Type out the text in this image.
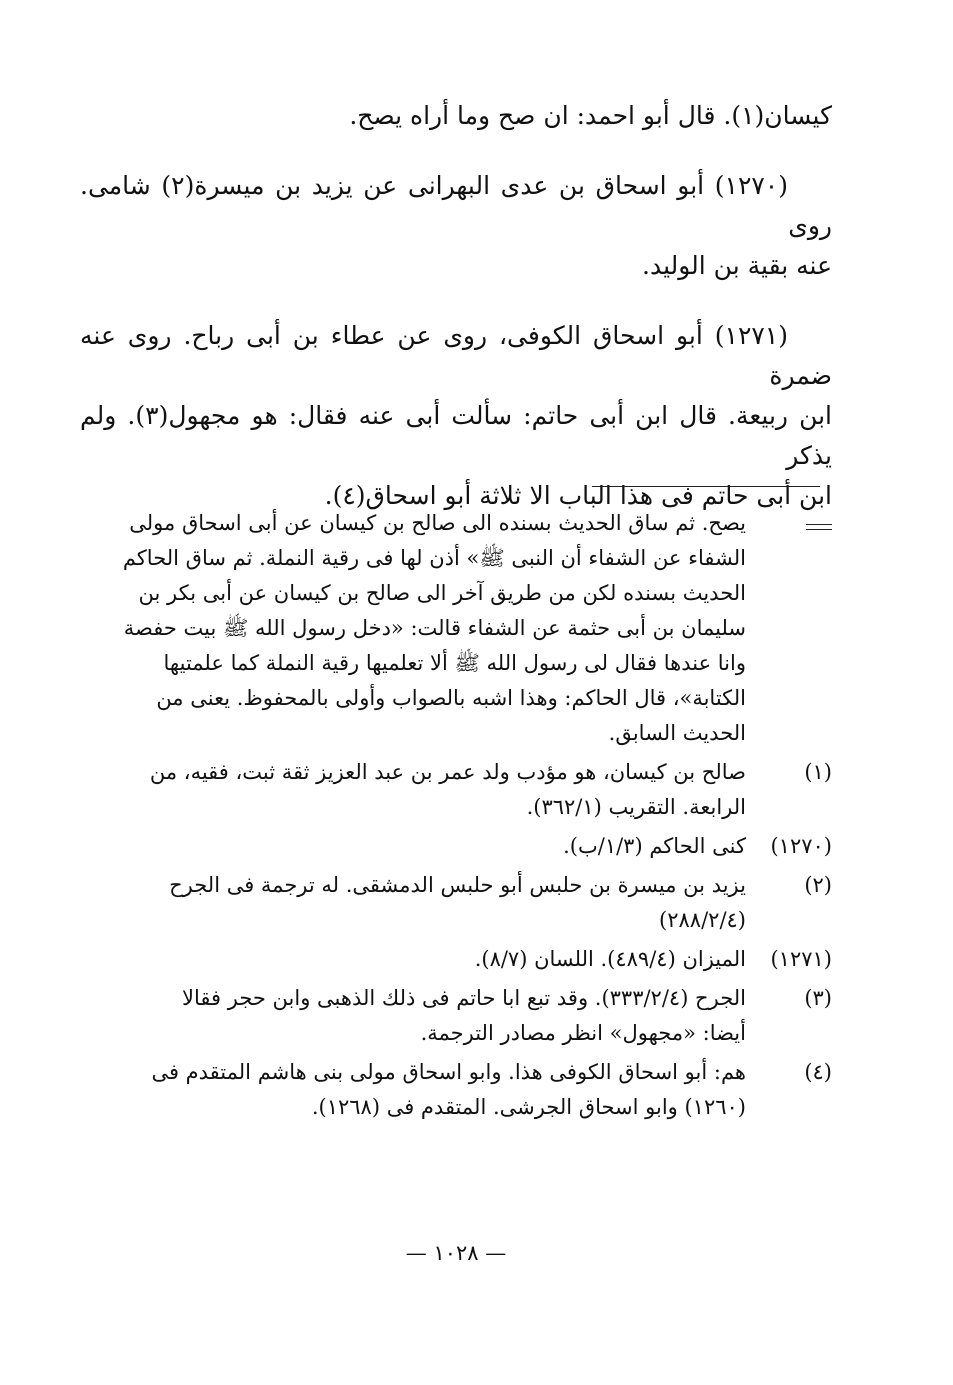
كيسان(١). قال أبو احمد: ان صح وما أراه يصح.

(١٢٧٠) أبو اسحاق بن عدى البهرانى عن يزيد بن ميسرة(٢) شامى. روى

عنه بقية بن الوليد.

(١٢٧١) أبو اسحاق الكوفى، روى عن عطاء بن أبى رباح. روى عنه ضمرة

ابن ربيعة. قال ابن أبى حاتم: سألت أبى عنه فقال: هو مجهول(٣). ولم يذكر

ابن أبى حاتم فى هذا الباب الا ثلاثة أبو اسحاق(٤).

يصح. ثم ساق الحديث بسنده الى صالح بن كيسان عن أبى اسحاق مولى
الشفاء عن الشفاء أن النبى ﷺ» أذن لها فى رقية النملة. ثم ساق الحاكم
الحديث بسنده لكن من طريق آخر الى صالح بن كيسان عن أبى بكر بن
سليمان بن أبى حثمة عن الشفاء قالت: «دخل رسول الله ﷺ بيت حفصة
وانا عندها فقال لى رسول الله ﷺ ألا تعلميها رقية النملة كما علمتيها
الكتابة»، قال الحاكم: وهذا اشبه بالصواب وأولى بالمحفوظ. يعنى من
الحديث السابق.
(١)
صالح بن كيسان، هو مؤدب ولد عمر بن عبد العزيز ثقة ثبت، فقيه، من
الرابعة. التقريب (٣٦٢/١).
(١٢٧٠)
كنى الحاكم (١/٣/ب).
(٢)
يزيد بن ميسرة بن حلبس أبو حلبس الدمشقى. له ترجمة فى الجرح
(٢٨٨/٢/٤)
(١٢٧١)
الميزان (٤٨٩/٤). اللسان (٨/٧).
(٣)
الجرح (٣٣٣/٢/٤). وقد تبع ابا حاتم فى ذلك الذهبى وابن حجر فقالا
أيضا: «مجهول» انظر مصادر الترجمة.
(٤)
هم: أبو اسحاق الكوفى هذا. وابو اسحاق مولى بنى هاشم المتقدم فى
(١٢٦٠) وابو اسحاق الجرشى. المتقدم فى (١٢٦٨).
— ١٠٢٨ —
